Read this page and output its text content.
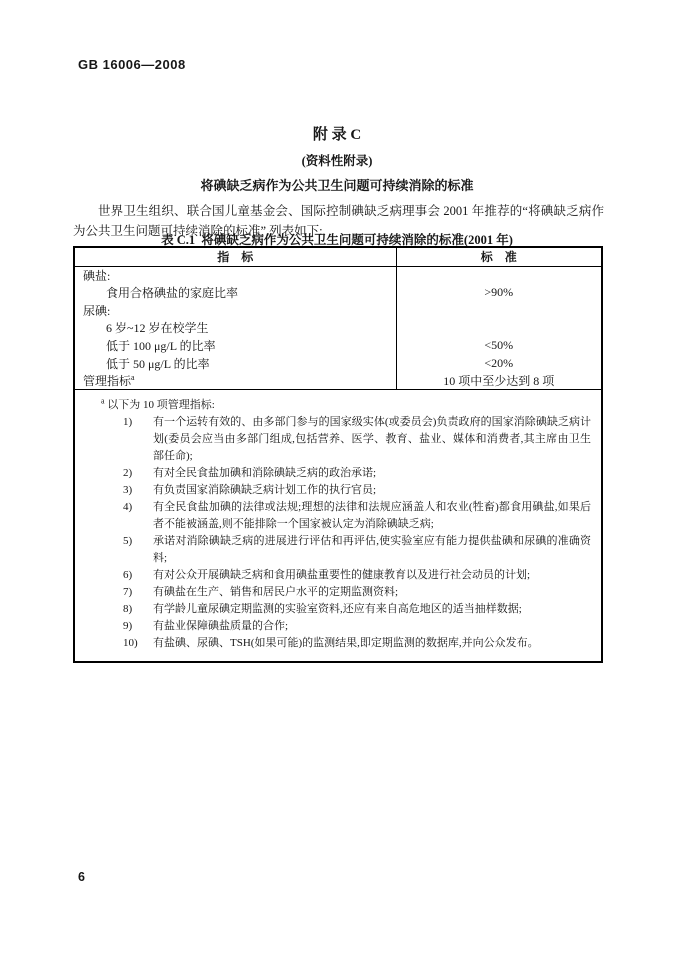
GB 16006—2008
附 录 C
(资料性附录)
将碘缺乏病作为公共卫生问题可持续消除的标准

世界卫生组织、联合国儿童基金会、国际控制碘缺乏病理事会 2001 年推荐的“将碘缺乏病作为公共卫生问题可持续消除的标准”,列表如下:

表 C.1  将碘缺乏病作为公共卫生问题可持续消除的标准(2001 年)
指    标	标    准
碘盐:	
食用合格碘盐的家庭比率	>90%
尿碘:	
6 岁~12 岁在校学生	
低于 100 μg/L 的比率	<50%
低于 50 μg/L 的比率	<20%
管理指标$^a$	10 项中至少达到 8 项

$^a$ 以下为 10 项管理指标:
1)	有一个运转有效的、由多部门参与的国家级实体(或委员会)负责政府的国家消除碘缺乏病计划(委员会应当由多部门组成,包括营养、医学、教育、盐业、媒体和消费者,其主席由卫生部任命);
2)	有对全民食盐加碘和消除碘缺乏病的政治承诺;
3)	有负责国家消除碘缺乏病计划工作的执行官员;
4)	有全民食盐加碘的法律或法规;理想的法律和法规应涵盖人和农业(牲畜)都食用碘盐,如果后者不能被涵盖,则不能排除一个国家被认定为消除碘缺乏病;
5)	承诺对消除碘缺乏病的进展进行评估和再评估,使实验室应有能力提供盐碘和尿碘的准确资料;
6)	有对公众开展碘缺乏病和食用碘盐重要性的健康教育以及进行社会动员的计划;
7)	有碘盐在生产、销售和居民户水平的定期监测资料;
8)	有学龄儿童尿碘定期监测的实验室资料,还应有来自高危地区的适当抽样数据;
9)	有盐业保障碘盐质量的合作;
10)	有盐碘、尿碘、TSH(如果可能)的监测结果,即定期监测的数据库,并向公众发布。
6
